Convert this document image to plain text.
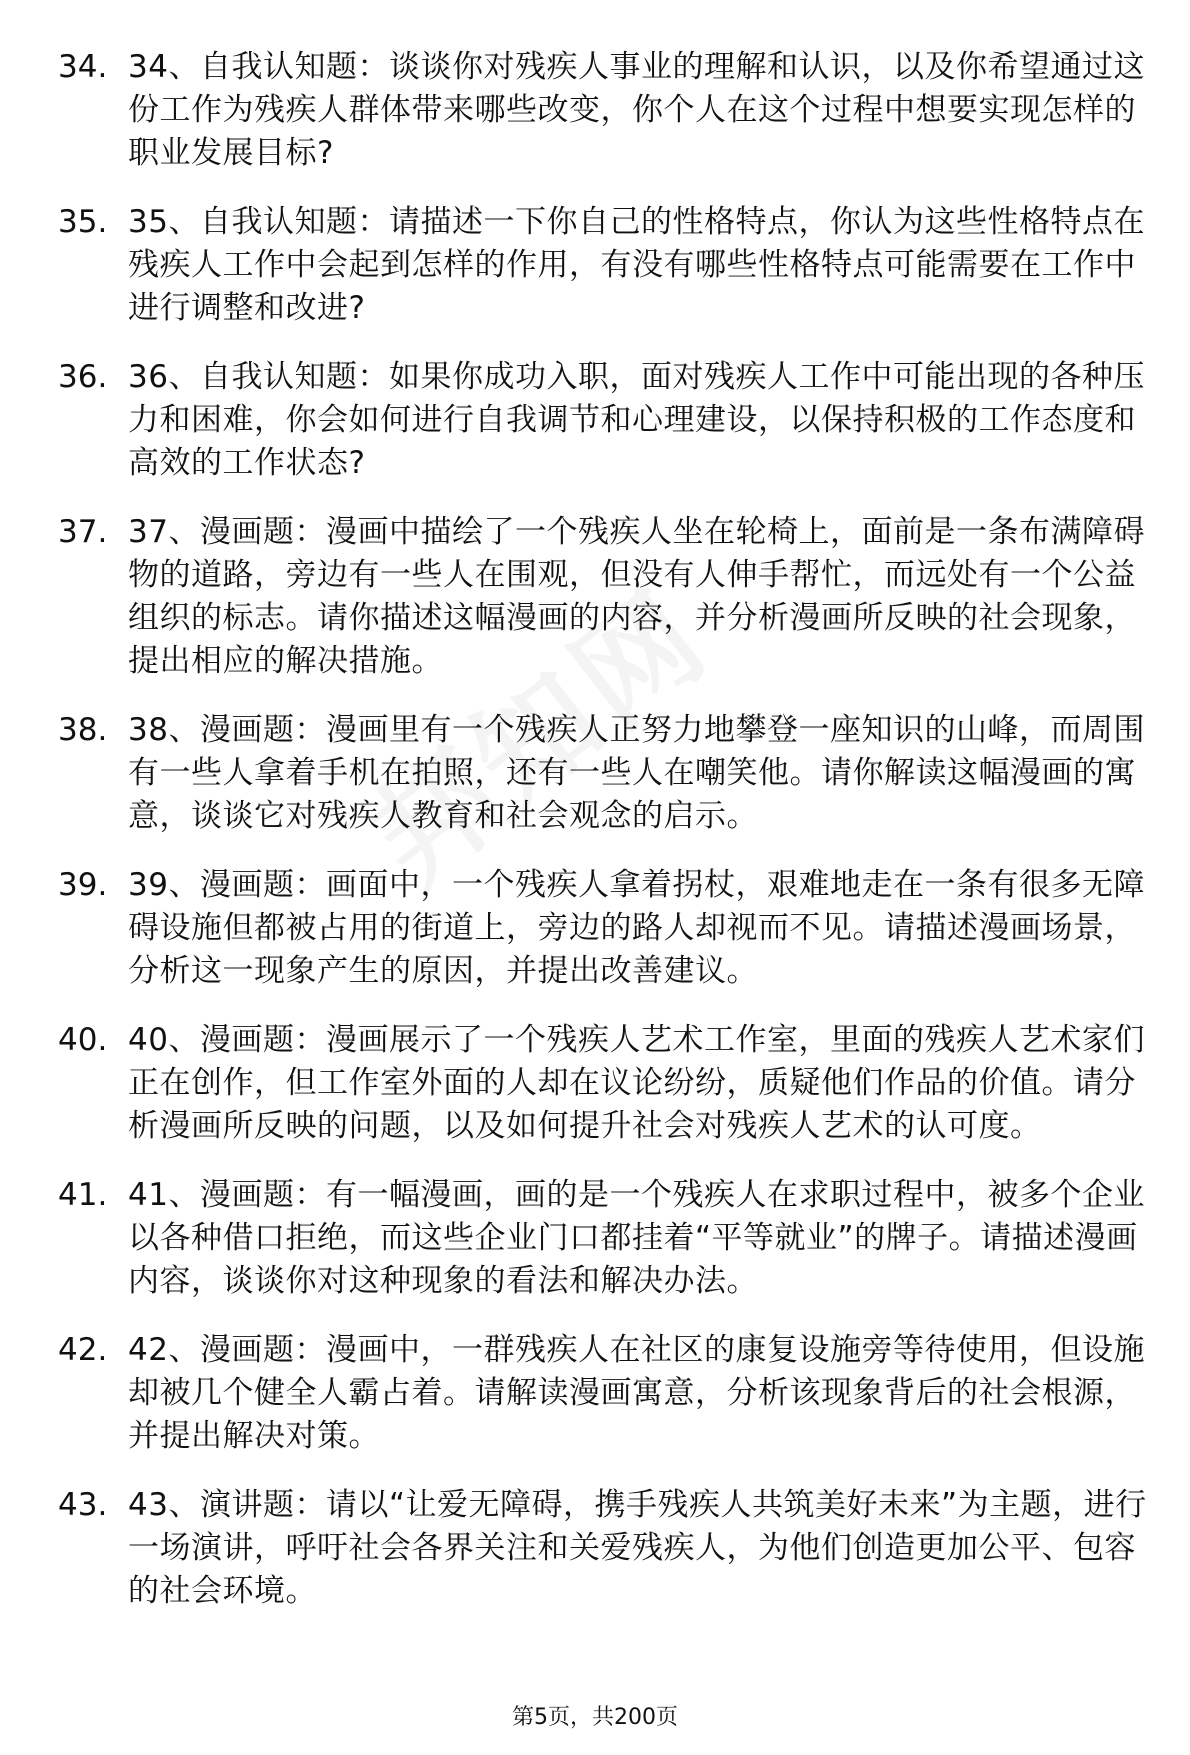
34. 34、自我认知题：谈谈你对残疾人事业的理解和认识，以及你希望通过这份工作为残疾人群体带来哪些改变，你个人在这个过程中想要实现怎样的职业发展目标?
35. 35、自我认知题：请描述一下你自己的性格特点，你认为这些性格特点在残疾人工作中会起到怎样的作用，有没有哪些性格特点可能需要在工作中进行调整和改进?
36. 36、自我认知题：如果你成功入职，面对残疾人工作中可能出现的各种压力和困难，你会如何进行自我调节和心理建设，以保持积极的工作态度和高效的工作状态?
37. 37、漫画题：漫画中描绘了一个残疾人坐在轮椅上，面前是一条布满障碍物的道路，旁边有一些人在围观，但没有人伸手帮忙，而远处有一个公益组织的标志。请你描述这幅漫画的内容，并分析漫画所反映的社会现象，提出相应的解决措施。
38. 38、漫画题：漫画里有一个残疾人正努力地攀登一座知识的山峰，而周围有一些人拿着手机在拍照，还有一些人在嘲笑他。请你解读这幅漫画的寓意，谈谈它对残疾人教育和社会观念的启示。
39. 39、漫画题：画面中，一个残疾人拿着拐杖，艰难地走在一条有很多无障碍设施但都被占用的街道上，旁边的路人却视而不见。请描述漫画场景，分析这一现象产生的原因，并提出改善建议。
40. 40、漫画题：漫画展示了一个残疾人艺术工作室，里面的残疾人艺术家们正在创作，但工作室外面的人却在议论纷纷，质疑他们作品的价值。请分析漫画所反映的问题，以及如何提升社会对残疾人艺术的认可度。
41. 41、漫画题：有一幅漫画，画的是一个残疾人在求职过程中，被多个企业以各种借口拒绝，而这些企业门口都挂着“平等就业”的牌子。请描述漫画内容，谈谈你对这种现象的看法和解决办法。
42. 42、漫画题：漫画中，一群残疾人在社区的康复设施旁等待使用，但设施却被几个健全人霸占着。请解读漫画寓意，分析该现象背后的社会根源，并提出解决对策。
43. 43、演讲题：请以“让爱无障碍，携手残疾人共筑美好未来”为主题，进行一场演讲，呼吁社会各界关注和关爱残疾人，为他们创造更加公平、包容的社会环境。
第5页，共200页
